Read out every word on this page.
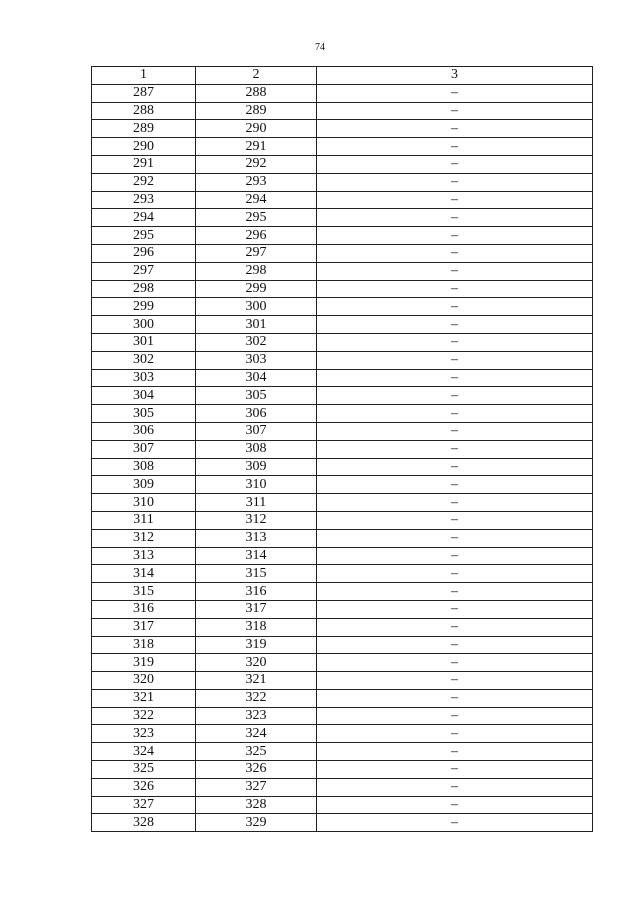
74
1	2	3
287	288	–
288	289	–
289	290	–
290	291	–
291	292	–
292	293	–
293	294	–
294	295	–
295	296	–
296	297	–
297	298	–
298	299	–
299	300	–
300	301	–
301	302	–
302	303	–
303	304	–
304	305	–
305	306	–
306	307	–
307	308	–
308	309	–
309	310	–
310	311	–
311	312	–
312	313	–
313	314	–
314	315	–
315	316	–
316	317	–
317	318	–
318	319	–
319	320	–
320	321	–
321	322	–
322	323	–
323	324	–
324	325	–
325	326	–
326	327	–
327	328	–
328	329	–
